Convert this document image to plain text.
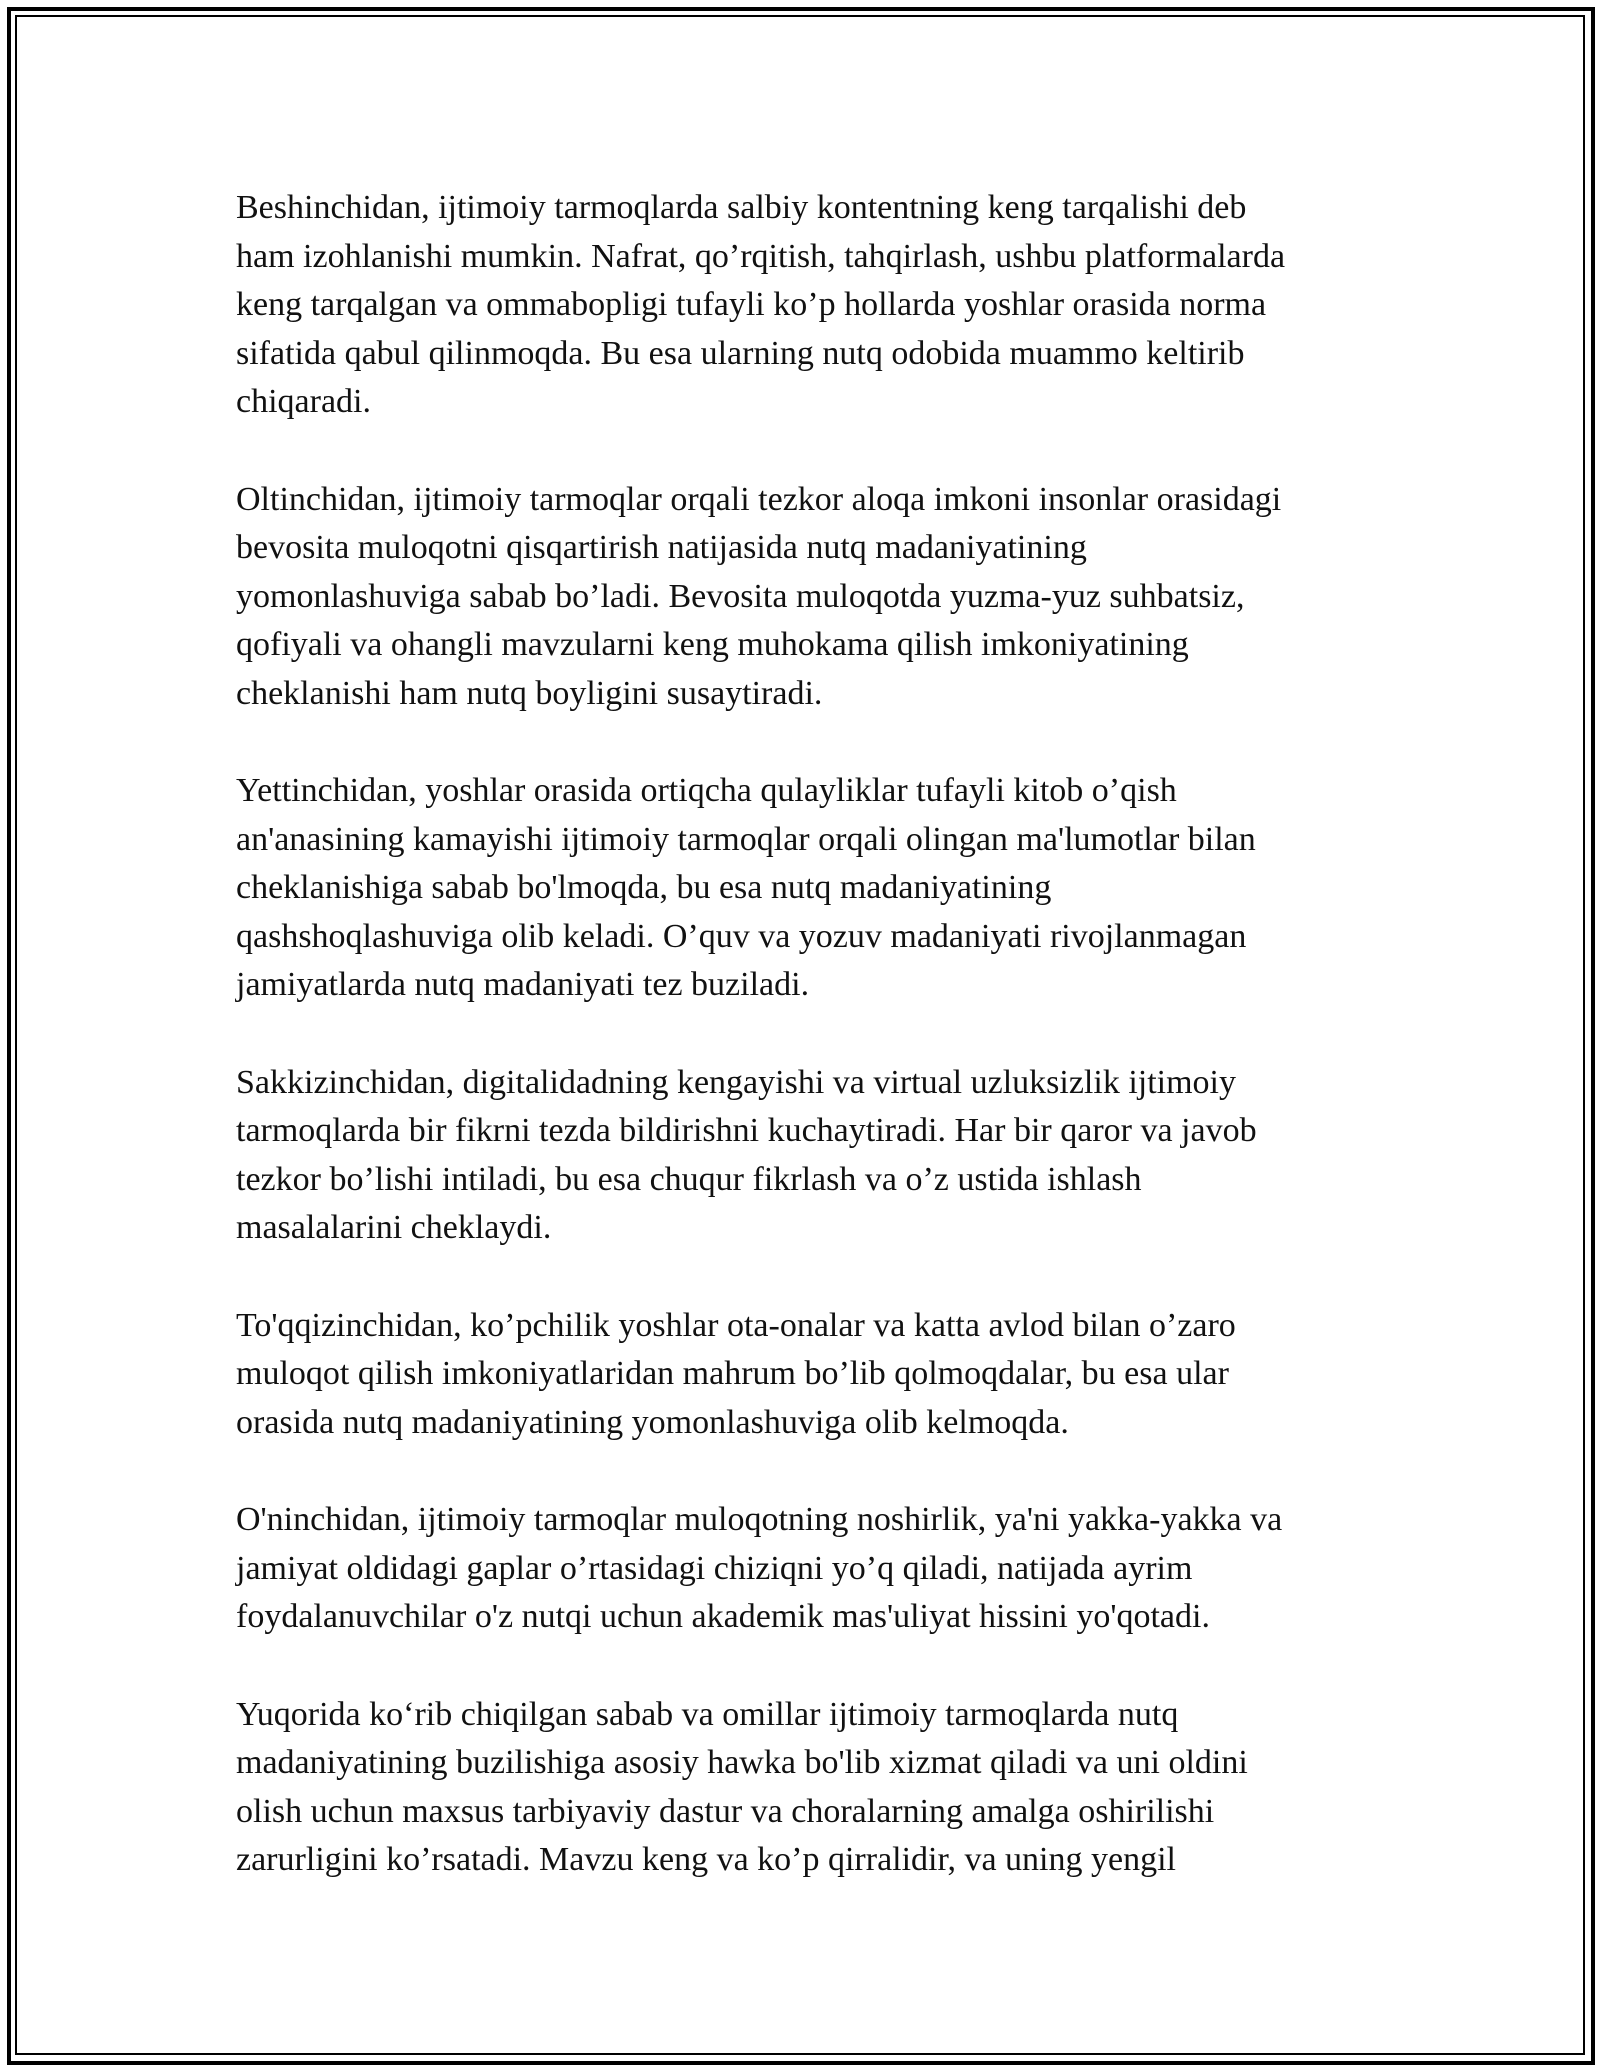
Beshinchidan, ijtimoiy tarmoqlarda salbiy kontentning keng tarqalishi deb
ham izohlanishi mumkin. Nafrat, qo’rqitish, tahqirlash, ushbu platformalarda
keng tarqalgan va ommabopligi tufayli ko’p hollarda yoshlar orasida norma
sifatida qabul qilinmoqda. Bu esa ularning nutq odobida muammo keltirib
chiqaradi.

Oltinchidan, ijtimoiy tarmoqlar orqali tezkor aloqa imkoni insonlar orasidagi
bevosita muloqotni qisqartirish natijasida nutq madaniyatining
yomonlashuviga sabab bo’ladi. Bevosita muloqotda yuzma-yuz suhbatsiz,
qofiyali va ohangli mavzularni keng muhokama qilish imkoniyatining
cheklanishi ham nutq boyligini susaytiradi.

Yettinchidan, yoshlar orasida ortiqcha qulayliklar tufayli kitob o’qish
an'anasining kamayishi ijtimoiy tarmoqlar orqali olingan ma'lumotlar bilan
cheklanishiga sabab bo'lmoqda, bu esa nutq madaniyatining
qashshoqlashuviga olib keladi. O’quv va yozuv madaniyati rivojlanmagan
jamiyatlarda nutq madaniyati tez buziladi.

Sakkizinchidan, digitalidadning kengayishi va virtual uzluksizlik ijtimoiy
tarmoqlarda bir fikrni tezda bildirishni kuchaytiradi. Har bir qaror va javob
tezkor bo’lishi intiladi, bu esa chuqur fikrlash va o’z ustida ishlash
masalalarini cheklaydi.

To'qqizinchidan, ko’pchilik yoshlar ota-onalar va katta avlod bilan o’zaro
muloqot qilish imkoniyatlaridan mahrum bo’lib qolmoqdalar, bu esa ular
orasida nutq madaniyatining yomonlashuviga olib kelmoqda.

O'ninchidan, ijtimoiy tarmoqlar muloqotning noshirlik, ya'ni yakka-yakka va
jamiyat oldidagi gaplar o’rtasidagi chiziqni yo’q qiladi, natijada ayrim
foydalanuvchilar o'z nutqi uchun akademik mas'uliyat hissini yo'qotadi.

Yuqorida koʻrib chiqilgan sabab va omillar ijtimoiy tarmoqlarda nutq
madaniyatining buzilishiga asosiy hawka bo'lib xizmat qiladi va uni oldini
olish uchun maxsus tarbiyaviy dastur va choralarning amalga oshirilishi
zarurligini ko’rsatadi. Mavzu keng va ko’p qirralidir, va uning yengil
